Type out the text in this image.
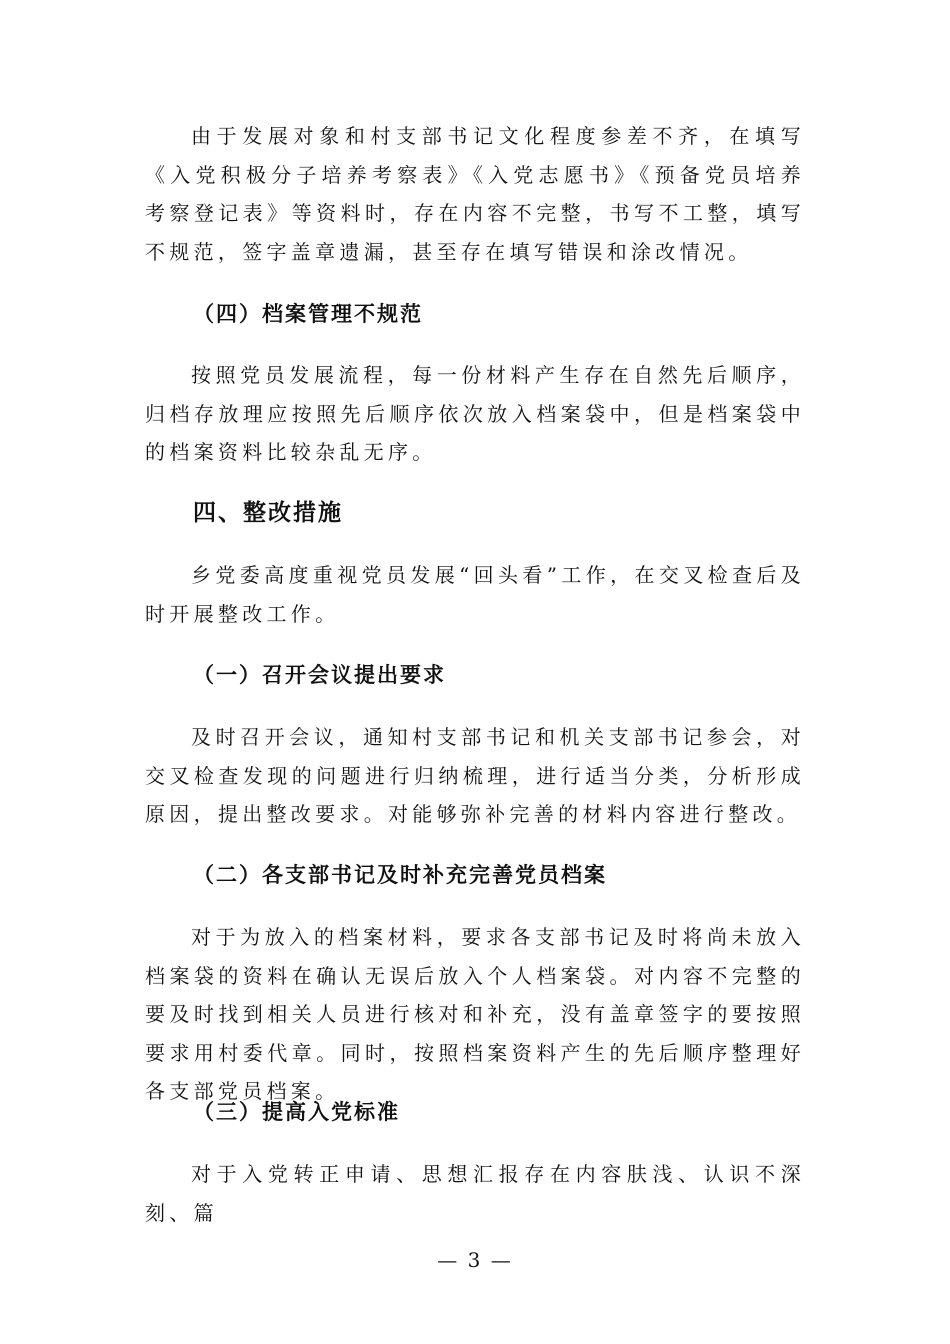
由于发展对象和村支部书记文化程度参差不齐，在填写《入党积极分子培养考察表》《入党志愿书》《预备党员培养考察登记表》等资料时，存在内容不完整，书写不工整，填写不规范，签字盖章遗漏，甚至存在填写错误和涂改情况。

（四）档案管理不规范

按照党员发展流程，每一份材料产生存在自然先后顺序，归档存放理应按照先后顺序依次放入档案袋中，但是档案袋中的档案资料比较杂乱无序。

四、整改措施

乡党委高度重视党员发展“回头看”工作，在交叉检查后及时开展整改工作。

（一）召开会议提出要求

及时召开会议，通知村支部书记和机关支部书记参会，对交叉检查发现的问题进行归纳梳理，进行适当分类，分析形成原因，提出整改要求。对能够弥补完善的材料内容进行整改。

（二）各支部书记及时补充完善党员档案

对于为放入的档案材料，要求各支部书记及时将尚未放入档案袋的资料在确认无误后放入个人档案袋。对内容不完整的要及时找到相关人员进行核对和补充，没有盖章签字的要按照要求用村委代章。同时，按照档案资料产生的先后顺序整理好各支部党员档案。

（三）提高入党标准

对于入党转正申请、思想汇报存在内容肤浅、认识不深刻、篇

— 3 —
